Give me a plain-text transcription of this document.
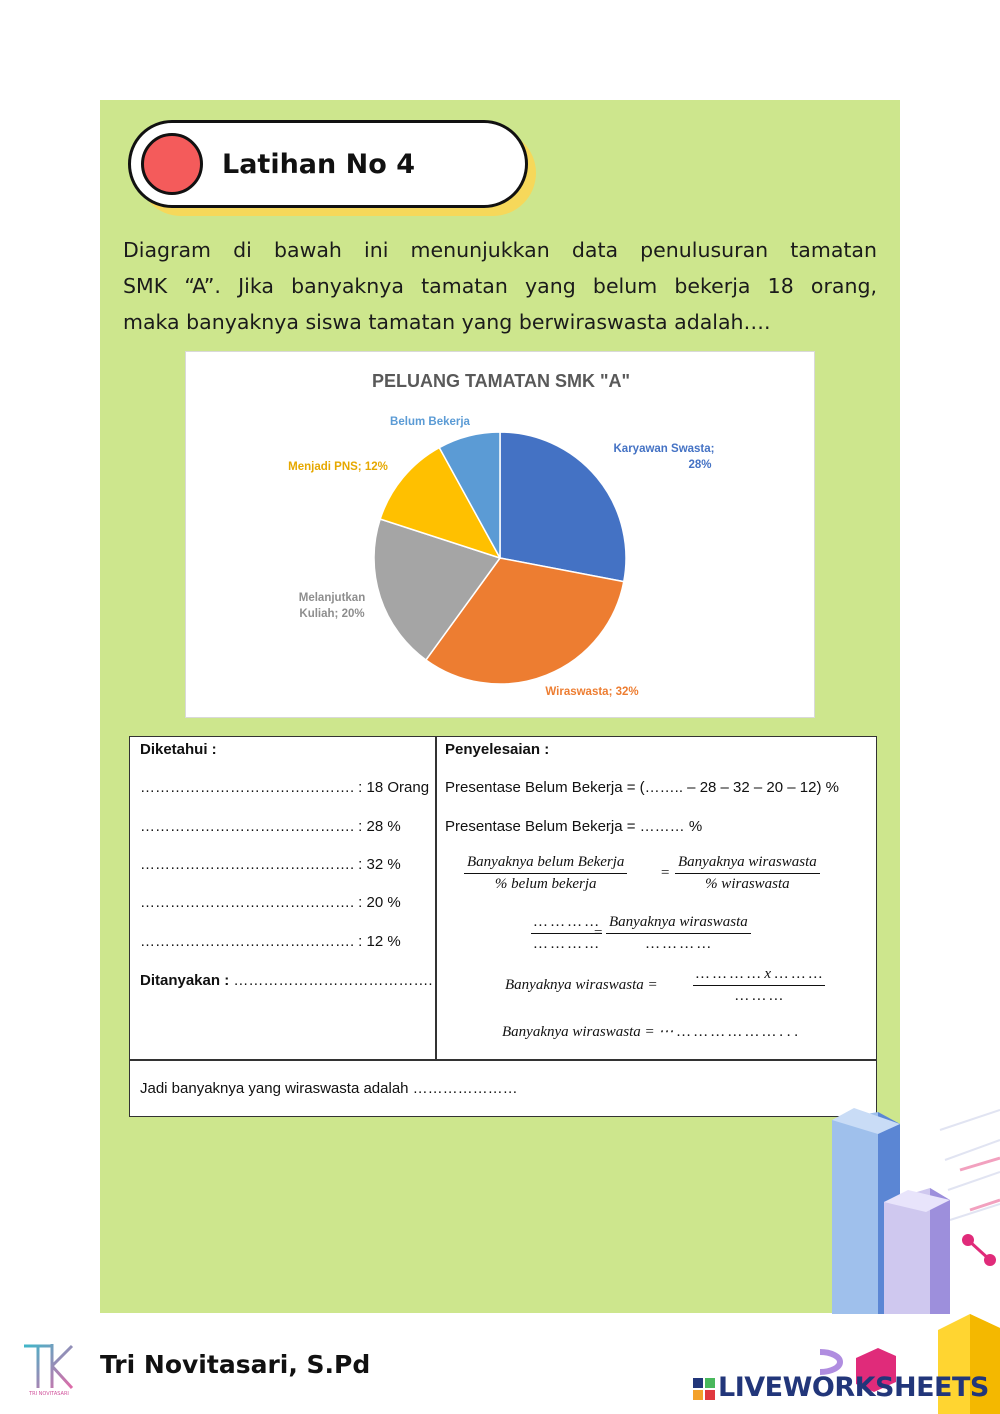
Latihan No 4
Diagram di bawah ini menunjukkan data penulusuran tamatan
SMK “A”. Jika banyaknya tamatan yang belum bekerja 18 orang,
maka banyaknya siswa tamatan yang berwiraswasta adalah….
PELUANG TAMATAN SMK "A"
Karyawan Swasta;
28%
Wiraswasta; 32%
Melanjutkan
Kuliah; 20%
Menjadi PNS; 12%
Belum Bekerja
Diketahui :
……………………………………. : 18 Orang
……………………………………. : 28 %
……………………………………. : 32 %
……………………………………. : 20 %
……………………………………. : 12 %
Ditanyakan : ………………………………….
Penyelesaian :
Presentase Belum Bekerja = (…….. – 28 – 32 – 20 – 12) %
Presentase Belum Bekerja = ……… %
Banyaknya belum Bekerja
% belum bekerja
=
Banyaknya wiraswasta
% wiraswasta
… … … …
… … … …
=
Banyaknya wiraswasta
… … … …
Banyaknya wiraswasta =
… … … … x … … …
… … …
Banyaknya wiraswasta = ⋯ … … … … … … . . .
Jadi banyaknya yang wiraswasta adalah …………………
TRI NOVITASARI
Tri Novitasari, S.Pd
LIVEWORKSHEETS
